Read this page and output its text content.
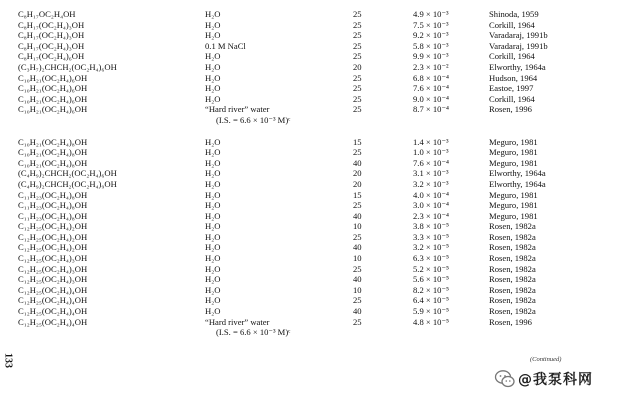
C₈H₁₇OC₂H₄OH	H₂O	25	4.9 × 10⁻³	Shinoda, 1959
C₈H₁₇(OC₂H₄)₃OH	H₂O	25	7.5 × 10⁻³	Corkill, 1964
C₈H₁₇(OC₂H₄)₃OH	H₂O	25	9.2 × 10⁻³	Varadaraj, 1991b
C₈H₁₇(OC₂H₄)₃OH	0.1 M NaCl	25	5.8 × 10⁻³	Varadaraj, 1991b
C₈H₁₇(OC₂H₄)₆OH	H₂O	25	9.9 × 10⁻³	Corkill, 1964
(C₃H₇)₂CHCH₂(OC₂H₄)₆OH	H₂O	20	2.3 × 10⁻²	Elworthy, 1964a
C₁₀H₂₁(OC₂H₄)₆OH	H₂O	25	6.8 × 10⁻⁴	Hudson, 1964
C₁₀H₂₁(OC₂H₄)₆OH	H₂O	25	7.6 × 10⁻⁴	Eastoe, 1997
C₁₀H₂₁(OC₂H₄)₆OH	H₂O	25	9.0 × 10⁻⁴	Corkill, 1964
C₁₀H₂₁(OC₂H₄)₆OH	“Hard river” water	25	8.7 × 10⁻⁴	Rosen, 1996
(I.S. = 6.6 × 10⁻³ M)ᶜ
C₁₀H₂₁(OC₂H₄)₈OH	H₂O	15	1.4 × 10⁻³	Meguro, 1981
C₁₀H₂₁(OC₂H₄)₈OH	H₂O	25	1.0 × 10⁻³	Meguro, 1981
C₁₀H₂₁(OC₂H₄)₈OH	H₂O	40	7.6 × 10⁻⁴	Meguro, 1981
(C₄H₉)₂CHCH₂(OC₂H₄)₆OH	H₂O	20	3.1 × 10⁻³	Elworthy, 1964a
(C₄H₉)₂CHCH₂(OC₂H₄)₉OH	H₂O	20	3.2 × 10⁻³	Elworthy, 1964a
C₁₁H₂₃(OC₂H₄)₈OH	H₂O	15	4.0 × 10⁻⁴	Meguro, 1981
C₁₁H₂₃(OC₂H₄)₈OH	H₂O	25	3.0 × 10⁻⁴	Meguro, 1981
C₁₁H₂₃(OC₂H₄)₈OH	H₂O	40	2.3 × 10⁻⁴	Meguro, 1981
C₁₂H₂₅(OC₂H₄)₂OH	H₂O	10	3.8 × 10⁻⁵	Rosen, 1982a
C₁₂H₂₅(OC₂H₄)₂OH	H₂O	25	3.3 × 10⁻⁵	Rosen, 1982a
C₁₂H₂₅(OC₂H₄)₂OH	H₂O	40	3.2 × 10⁻⁵	Rosen, 1982a
C₁₂H₂₅(OC₂H₄)₃OH	H₂O	10	6.3 × 10⁻⁵	Rosen, 1982a
C₁₂H₂₅(OC₂H₄)₃OH	H₂O	25	5.2 × 10⁻⁵	Rosen, 1982a
C₁₂H₂₅(OC₂H₄)₃OH	H₂O	40	5.6 × 10⁻⁵	Rosen, 1982a
C₁₂H₂₅(OC₂H₄)₄OH	H₂O	10	8.2 × 10⁻⁵	Rosen, 1982a
C₁₂H₂₅(OC₂H₄)₄OH	H₂O	25	6.4 × 10⁻⁵	Rosen, 1982a
C₁₂H₂₅(OC₂H₄)₄OH	H₂O	40	5.9 × 10⁻⁵	Rosen, 1982a
C₁₂H₂₅(OC₂H₄)₄OH	“Hard river” water	25	4.8 × 10⁻⁵	Rosen, 1996
(I.S. = 6.6 × 10⁻³ M)ᶜ
133	(Continued)
@我泵科网
